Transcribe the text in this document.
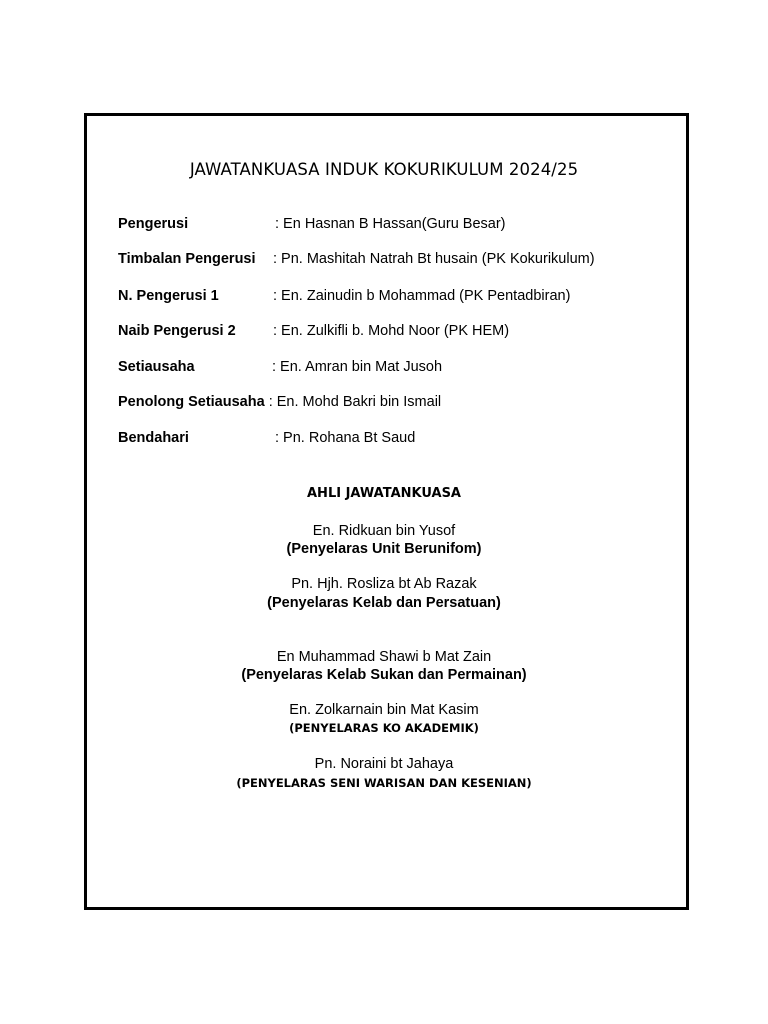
JAWATANKUASA INDUK KOKURIKULUM 2024/25
Pengerusi	: En Hasnan B Hassan(Guru Besar)
Timbalan Pengerusi : Pn. Mashitah Natrah Bt husain (PK Kokurikulum)
N. Pengerusi 1	: En. Zainudin b Mohammad (PK Pentadbiran)
Naib Pengerusi 2	: En. Zulkifli b. Mohd Noor (PK HEM)
Setiausaha	: En. Amran bin Mat Jusoh
Penolong Setiausaha : En. Mohd Bakri bin Ismail
Bendahari	: Pn. Rohana Bt Saud
AHLI JAWATANKUASA
En. Ridkuan bin Yusof
(Penyelaras Unit Berunifom)
Pn. Hjh. Rosliza bt Ab Razak
(Penyelaras Kelab dan Persatuan)
En Muhammad Shawi b Mat Zain
(Penyelaras Kelab Sukan dan Permainan)
En. Zolkarnain bin Mat Kasim
(PENYELARAS KO AKADEMIK)
Pn. Noraini bt Jahaya
(PENYELARAS SENI WARISAN DAN KESENIAN)
